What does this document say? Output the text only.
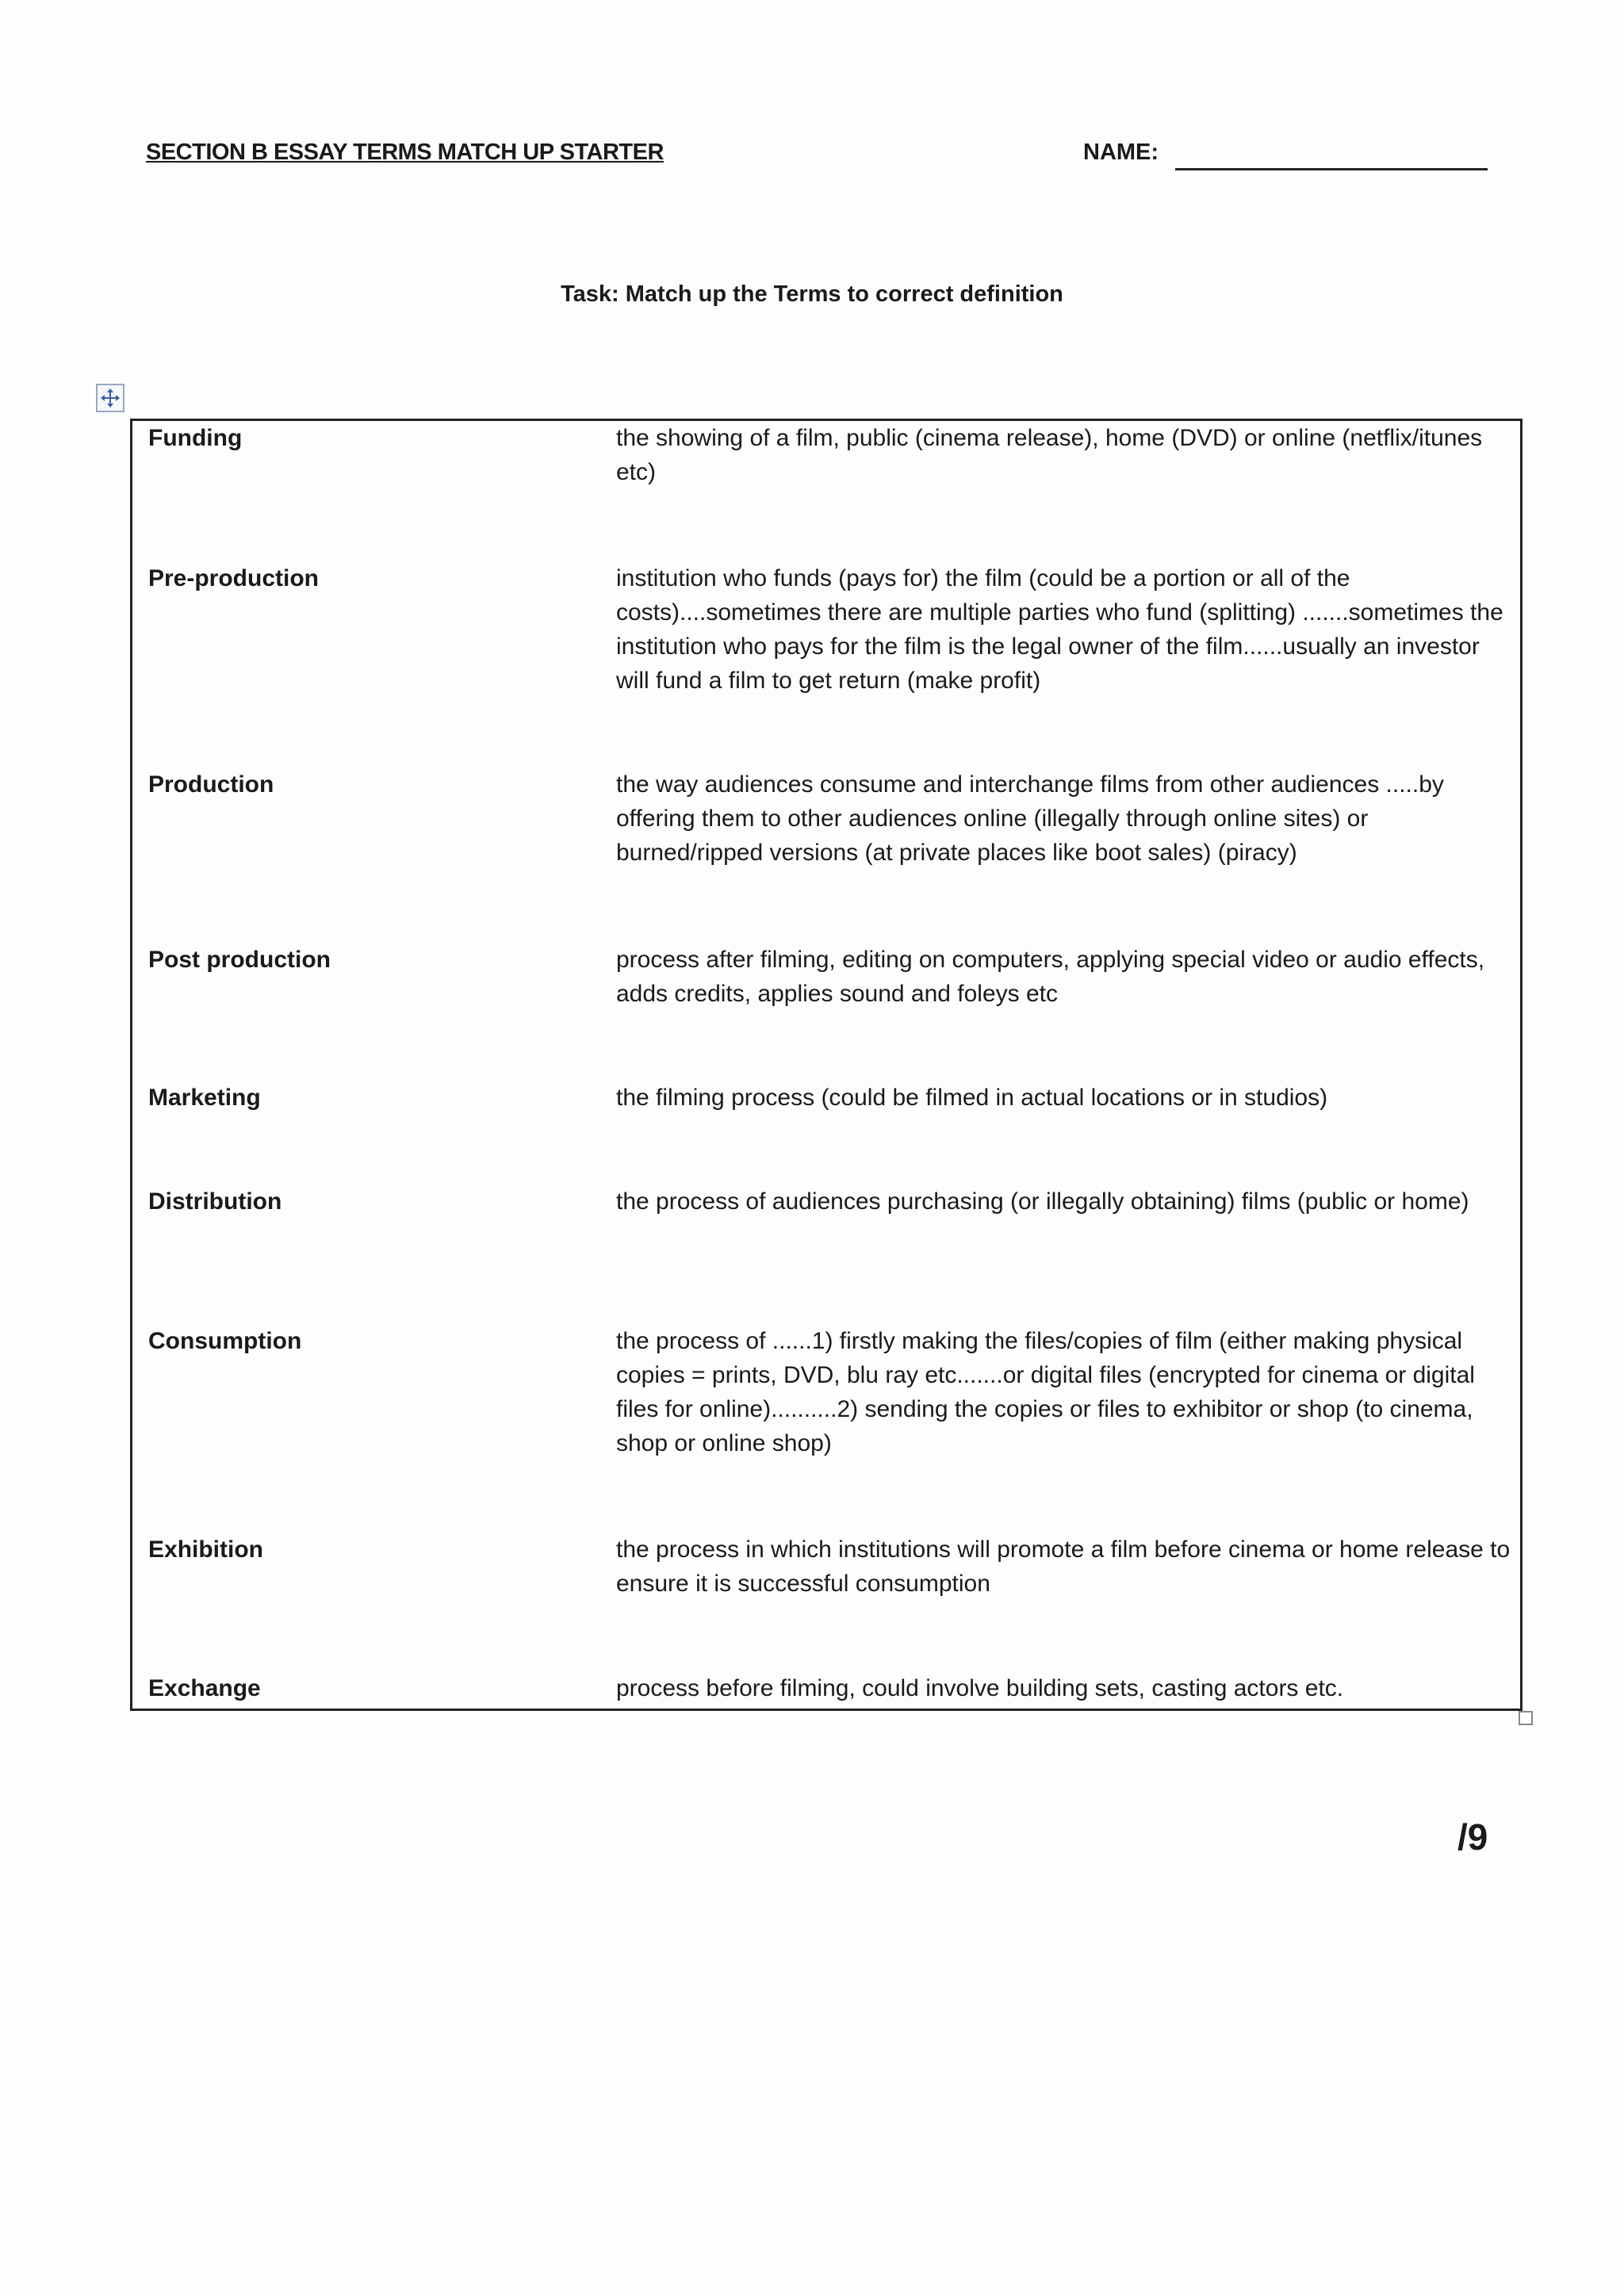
SECTION B ESSAY TERMS MATCH UP STARTER	NAME:
Task: Match up the Terms to correct definition
Funding	the showing of a film, public (cinema release), home (DVD) or online (netflix/itunes etc)
Pre-production	institution who funds (pays for) the film (could be a portion or all of the costs)....sometimes there are multiple parties who fund (splitting) .......sometimes the institution who pays for the film is the legal owner of the film......usually an investor will fund a film to get return (make profit)
Production	the way audiences consume and interchange films from other audiences .....by offering them to other audiences online (illegally through online sites) or burned/ripped versions (at private places like boot sales) (piracy)
Post production	process after filming, editing on computers, applying special video or audio effects, adds credits, applies sound and foleys etc
Marketing	the filming process (could be filmed in actual locations or in studios)
Distribution	the process of audiences purchasing (or illegally obtaining) films (public or home)
Consumption	the process of ......1) firstly making the files/copies of film (either making physical copies = prints, DVD, blu ray etc.......or digital files (encrypted for cinema or digital files for online)..........2) sending the copies or files to exhibitor or shop (to cinema, shop or online shop)
Exhibition	the process in which institutions will promote a film before cinema or home release to ensure it is successful consumption
Exchange	process before filming, could involve building sets, casting actors etc.
/9
